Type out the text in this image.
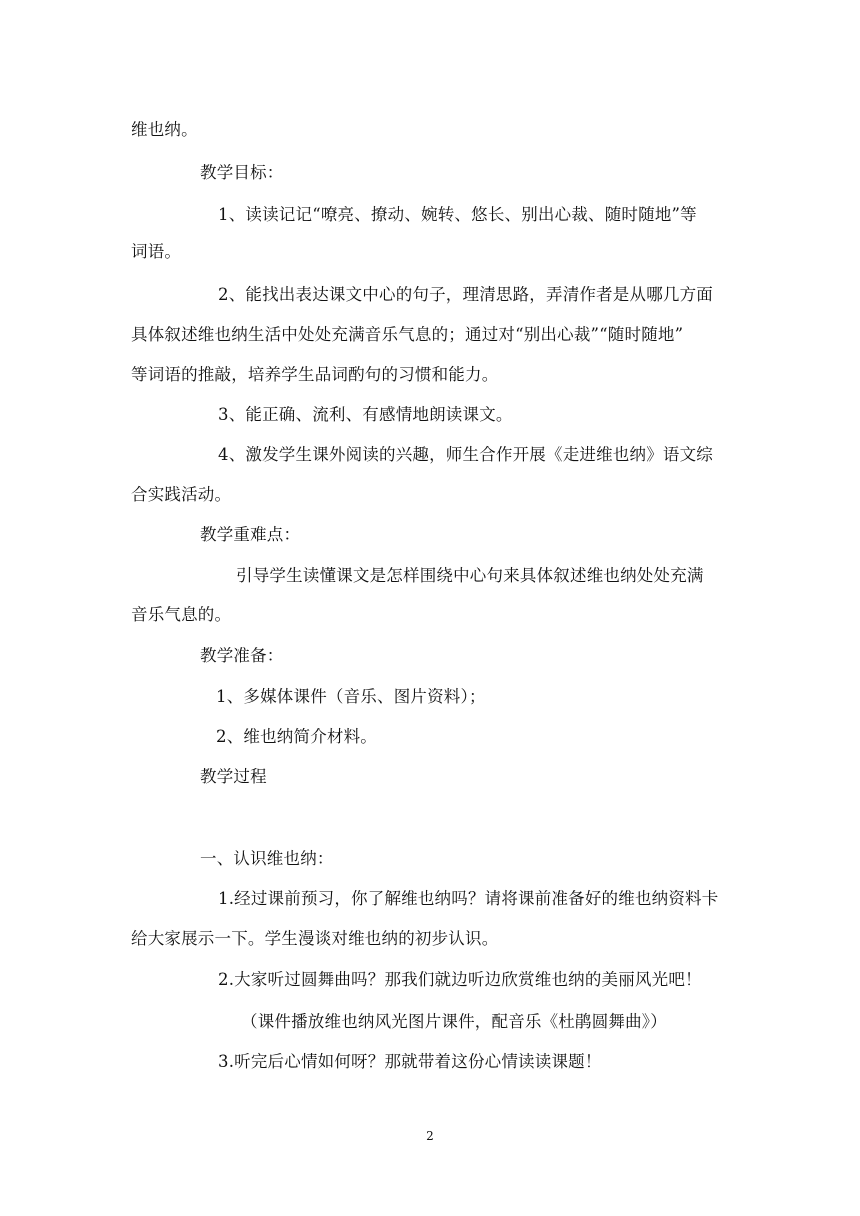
维也纳。
教学目标：
1、读读记记“嘹亮、撩动、婉转、悠长、别出心裁、随时随地”等
词语。
2、能找出表达课文中心的句子，理清思路，弄清作者是从哪几方面
具体叙述维也纳生活中处处充满音乐气息的；通过对“别出心裁”“随时随地”
等词语的推敲，培养学生品词酌句的习惯和能力。
3、能正确、流利、有感情地朗读课文。
4、激发学生课外阅读的兴趣，师生合作开展《走进维也纳》语文综
合实践活动。
教学重难点：
引导学生读懂课文是怎样围绕中心句来具体叙述维也纳处处充满
音乐气息的。
教学准备：
1、多媒体课件（音乐、图片资料）；
2、维也纳简介材料。
教学过程
一、认识维也纳：
1.经过课前预习，你了解维也纳吗？请将课前准备好的维也纳资料卡
给大家展示一下。学生漫谈对维也纳的初步认识。
2.大家听过圆舞曲吗？那我们就边听边欣赏维也纳的美丽风光吧！
（课件播放维也纳风光图片课件，配音乐《杜鹃圆舞曲》）
3.听完后心情如何呀？那就带着这份心情读读课题！
2
